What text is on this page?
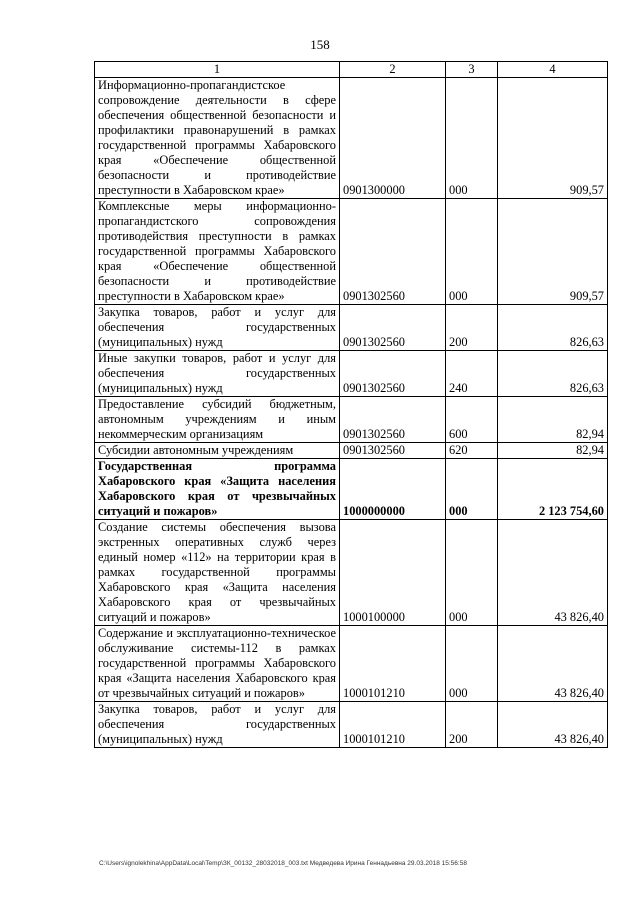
158
1	2	3	4
Информационно-пропагандистское сопровождение деятельности в сфере обеспечения общественной безопасности и профилактики правонарушений в рамках государственной программы Хабаровского края «Обеспечение общественной безопасности и противодействие преступности в Хабаровском крае»	0901300000	000	909,57
Комплексные меры информационно-пропагандистского сопровождения противодействия преступности в рамках государственной программы Хабаровского края «Обеспечение общественной безопасности и противодействие преступности в Хабаровском крае»	0901302560	000	909,57
Закупка товаров, работ и услуг для обеспечения государственных (муниципальных) нужд	0901302560	200	826,63
Иные закупки товаров, работ и услуг для обеспечения государственных (муниципальных) нужд	0901302560	240	826,63
Предоставление субсидий бюджетным, автономным учреждениям и иным некоммерческим организациям	0901302560	600	82,94
Субсидии автономным учреждениям	0901302560	620	82,94
Государственная программа Хабаровского края «Защита населения Хабаровского края от чрезвычайных ситуаций и пожаров»	1000000000	000	2 123 754,60
Создание системы обеспечения вызова экстренных оперативных служб через единый номер «112» на территории края в рамках государственной программы Хабаровского края «Защита населения Хабаровского края от чрезвычайных ситуаций и пожаров»	1000100000	000	43 826,40
Содержание и эксплуатационно-техническое обслуживание системы-112 в рамках государственной программы Хабаровского края «Защита населения Хабаровского края от чрезвычайных ситуаций и пожаров»	1000101210	000	43 826,40
Закупка товаров, работ и услуг для обеспечения государственных (муниципальных) нужд	1000101210	200	43 826,40
C:\Users\ignolekhina\AppData\Local\Temp\ЗК_00132_28032018_003.txt Медведева Ирина Геннадьевна 29.03.2018 15:56:58
